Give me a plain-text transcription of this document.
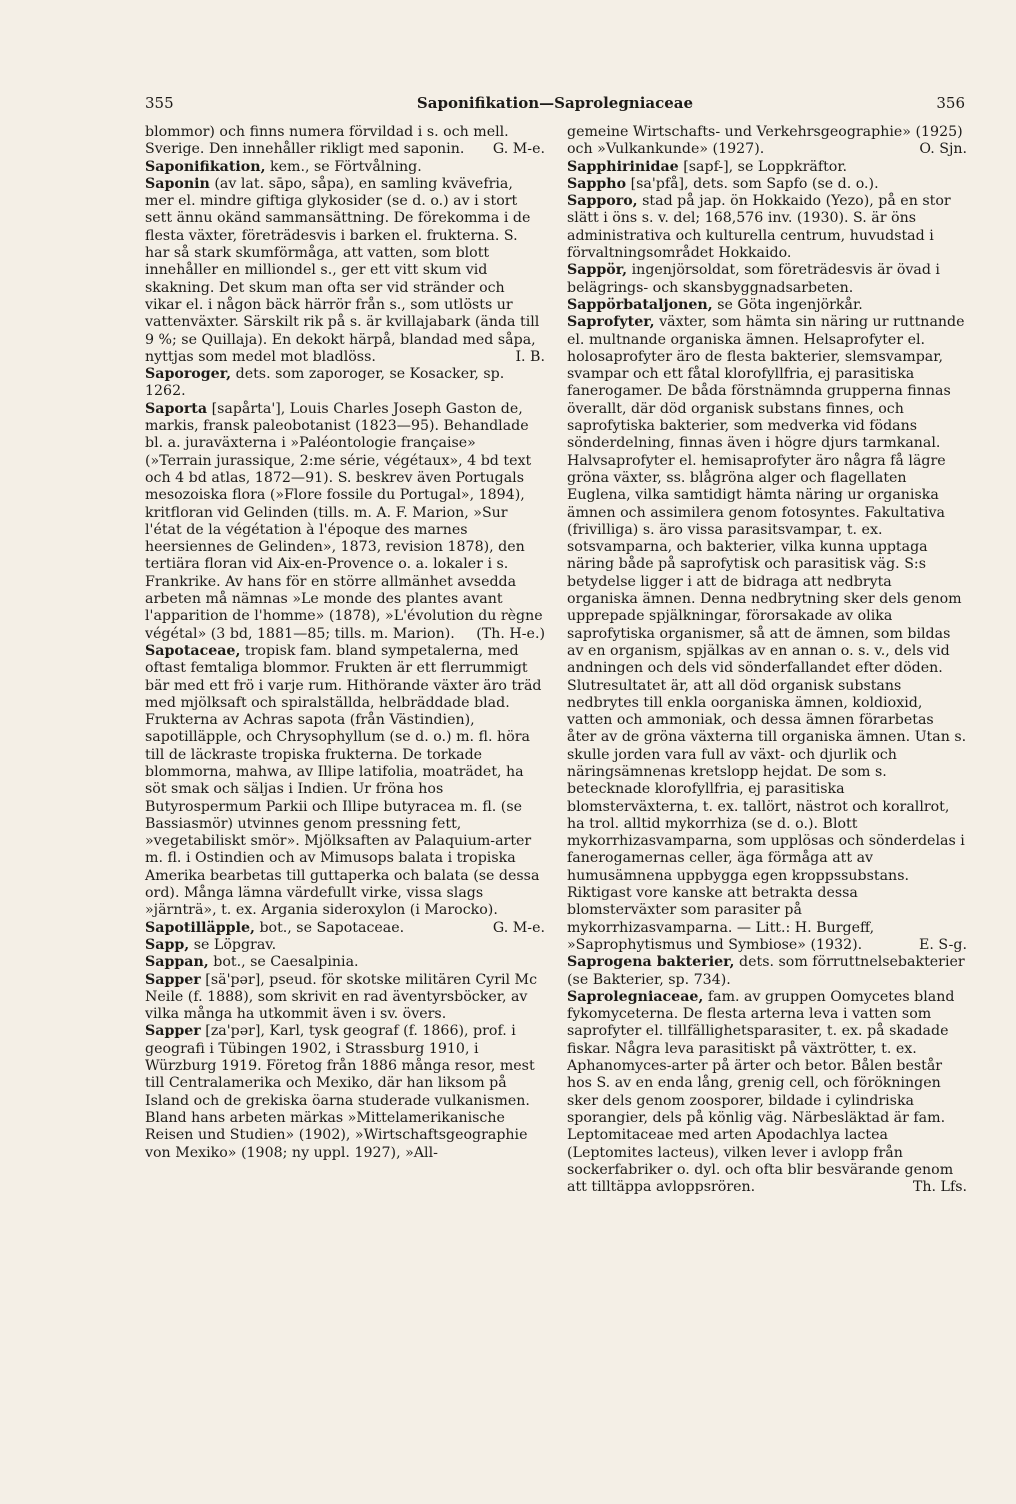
355	Saponifikation—Saprolegniaceae	356

blommor) och finns numera förvildad i s. och mell. Sverige. Den innehåller rikligt med saponin. G. M-e.

Saponifikation, kem., se Förtvålning.

Saponin (av lat. sāpo, såpa), en samling kvävefria, mer el. mindre giftiga glykosider (se d. o.) av i stort sett ännu okänd sammansättning. De förekomma i de flesta växter, företrädesvis i barken el. frukterna. S. har så stark skumförmåga, att vatten, som blott innehåller en milliondel s., ger ett vitt skum vid skakning. Det skum man ofta ser vid stränder och vikar el. i någon bäck härrör från s., som utlösts ur vattenväxter. Särskilt rik på s. är kvillajabark (ända till 9 %; se Quillaja). En dekokt härpå, blandad med såpa, nyttjas som medel mot bladlöss.	I. B.

Saporoger, dets. som zaporoger, se Kosacker, sp. 1262.

Saporta [sapårta'], Louis Charles Joseph Gaston de, markis, fransk paleobotanist (1823—95). Behandlade bl. a. juraväxterna i »Paléontologie française» (»Terrain jurassique, 2:me série, végétaux», 4 bd text och 4 bd atlas, 1872—91). S. beskrev även Portugals mesozoiska flora (»Flore fossile du Portugal», 1894), kritfloran vid Gelinden (tills. m. A. F. Marion, »Sur l'état de la végétation à l'époque des marnes heersiennes de Gelinden», 1873, revision 1878), den tertiära floran vid Aix-en-Provence o. a. lokaler i s. Frankrike. Av hans för en större allmänhet avsedda arbeten må nämnas »Le monde des plantes avant l'apparition de l'homme» (1878), »L'évolution du règne végétal» (3 bd, 1881—85; tills. m. Marion). (Th. H-e.)

Sapotaceae, tropisk fam. bland sympetalerna, med oftast femtaliga blommor. Frukten är ett flerrummigt bär med ett frö i varje rum. Hithörande växter äro träd med mjölksaft och spiralställda, helbräddade blad. Frukterna av Achras sapota (från Västindien), sapotilläpple, och Chrysophyllum (se d. o.) m. fl. höra till de läckraste tropiska frukterna. De torkade blommorna, mahwa, av Illipe latifolia, moaträdet, ha söt smak och säljas i Indien. Ur fröna hos Butyrospermum Parkii och Illipe butyracea m. fl. (se Bassiasmör) utvinnes genom pressning fett, »vegetabiliskt smör». Mjölksaften av Palaquium-arter m. fl. i Ostindien och av Mimusops balata i tropiska Amerika bearbetas till guttaperka och balata (se dessa ord). Många lämna värdefullt virke, vissa slags »järnträ», t. ex. Argania sideroxylon (i Marocko).
G. M-e.

Sapotilläpple, bot., se Sapotaceae.

Sapp, se Löpgrav.

Sappan, bot., se Caesalpinia.

Sapper [sä'pər], pseud. för skotske militären Cyril Mc Neile (f. 1888), som skrivit en rad äventyrsböcker, av vilka många ha utkommit även i sv. övers.

Sapper [za'pər], Karl, tysk geograf (f. 1866), prof. i geografi i Tübingen 1902, i Strassburg 1910, i Würzburg 1919. Företog från 1886 många resor, mest till Centralamerika och Mexiko, där han liksom på Island och de grekiska öarna studerade vulkanismen. Bland hans arbeten märkas »Mittelamerikanische Reisen und Studien» (1902), »Wirtschaftsgeographie von Mexiko» (1908; ny uppl. 1927), »All-

gemeine Wirtschafts- und Verkehrsgeographie» (1925) och »Vulkankunde» (1927).	O. Sjn.

Sapphirinidae [sapf-], se Loppkräftor.

Sappho [sa'pfå], dets. som Sapfo (se d. o.).

Sapporo, stad på jap. ön Hokkaido (Yezo), på en stor slätt i öns s. v. del; 168,576 inv. (1930). S. är öns administrativa och kulturella centrum, huvudstad i förvaltningsområdet Hokkaido.

Sappör, ingenjörsoldat, som företrädesvis är övad i belägrings- och skansbyggnadsarbeten.

Sappörbataljonen, se Göta ingenjörkår.

Saprofyter, växter, som hämta sin näring ur ruttnande el. multnande organiska ämnen. Helsaprofyter el. holosaprofyter äro de flesta bakterier, slemsvampar, svampar och ett fåtal klorofyllfria, ej parasitiska fanerogamer. De båda förstnämnda grupperna finnas överallt, där död organisk substans finnes, och saprofytiska bakterier, som medverka vid födans sönderdelning, finnas även i högre djurs tarmkanal. Halvsaprofyter el. hemisaprofyter äro några få lägre gröna växter, ss. blågröna alger och flagellaten Euglena, vilka samtidigt hämta näring ur organiska ämnen och assimilera genom fotosyntes. Fakultativa (frivilliga) s. äro vissa parasitsvampar, t. ex. sotsvamparna, och bakterier, vilka kunna upptaga näring både på saprofytisk och parasitisk väg. S:s betydelse ligger i att de bidraga att nedbryta organiska ämnen. Denna nedbrytning sker dels genom upprepade spjälkningar, förorsakade av olika saprofytiska organismer, så att de ämnen, som bildas av en organism, spjälkas av en annan o. s. v., dels vid andningen och dels vid sönderfallandet efter döden. Slutresultatet är, att all död organisk substans nedbrytes till enkla oorganiska ämnen, koldioxid, vatten och ammoniak, och dessa ämnen förarbetas åter av de gröna växterna till organiska ämnen. Utan s. skulle jorden vara full av växt- och djurlik och näringsämnenas kretslopp hejdat. De som s. betecknade klorofyllfria, ej parasitiska blomsterväxterna, t. ex. tallört, nästrot och korallrot, ha trol. alltid mykorrhiza (se d. o.). Blott mykorrhizasvamparna, som upplösas och sönderdelas i fanerogamernas celler, äga förmåga att av humusämnena uppbygga egen kroppssubstans. Riktigast vore kanske att betrakta dessa blomsterväxter som parasiter på mykorrhizasvamparna. — Litt.: H. Burgeff, »Saprophytismus und Symbiose» (1932).	E. S-g.

Saprogena bakterier, dets. som förruttnelsebakterier (se Bakterier, sp. 734).

Saprolegniaceae, fam. av gruppen Oomycetes bland fykomyceterna. De flesta arterna leva i vatten som saprofyter el. tillfällighetsparasiter, t. ex. på skadade fiskar. Några leva parasitiskt på växtrötter, t. ex. Aphanomyces-arter på ärter och betor. Bålen består hos S. av en enda lång, grenig cell, och förökningen sker dels genom zoosporer, bildade i cylindriska sporangier, dels på könlig väg. Närbesläktad är fam. Leptomitaceae med arten Apodachlya lactea (Leptomites lacteus), vilken lever i avlopp från sockerfabriker o. dyl. och ofta blir besvärande genom att tilltäppa avloppsrören.	Th. Lfs.
